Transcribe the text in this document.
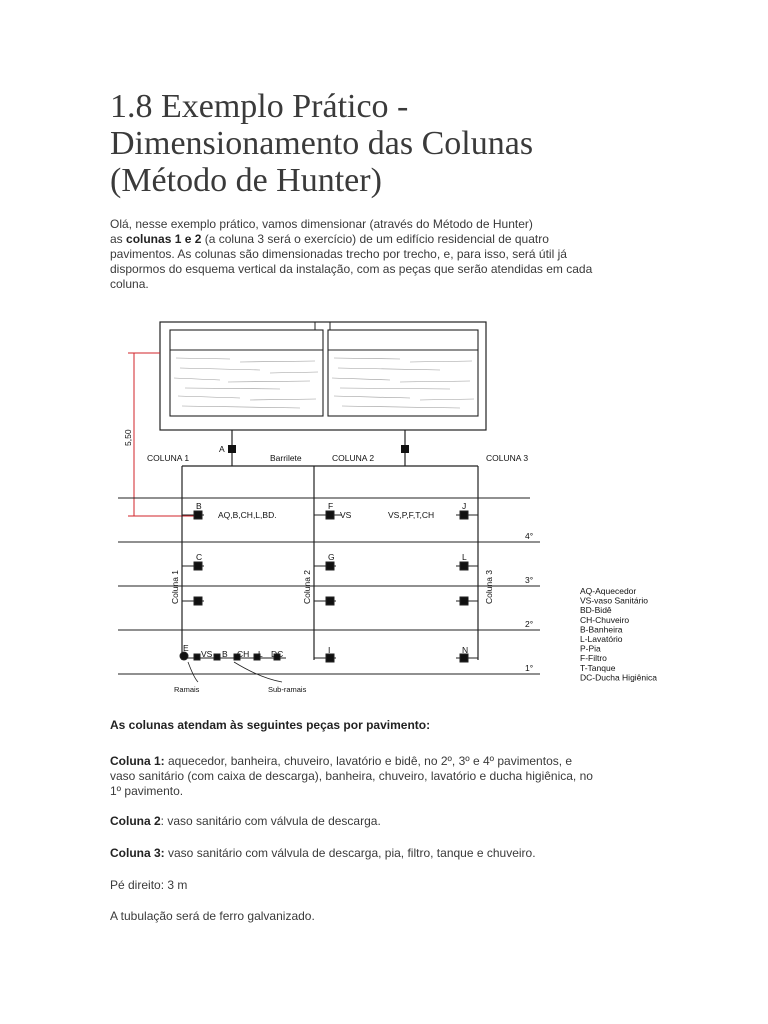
1.8 Exemplo Prático -
Dimensionamento das Colunas
(Método de Hunter)

Olá, nesse exemplo prático, vamos dimensionar (através do Método de Hunter)
as colunas 1 e 2 (a coluna 3 será o exercício) de um edifício residencial de quatro
pavimentos. As colunas são dimensionadas trecho por trecho, e, para isso, será útil já
dispormos do esquema vertical da instalação, com as peças que serão atendidas em cada
coluna.

5,50
A
COLUNA 1	Barrilete	COLUNA 2	COLUNA 3
4°
3°
2°
1°
Coluna 1	Coluna 2	Coluna 3
B
AQ,B,CH,L,BD.
C
D
E
VS B CH L DC
F
VS
G
H
I
J
VS,P,F,T,CH
L
M
N
Ramais	Sub-ramais
AQ-Aquecedor
VS-vaso Sanitário
BD-Bidê
CH-Chuveiro
B-Banheira
L-Lavatório
P-Pia
F-Filtro
T-Tanque
DC-Ducha Higiênica

As colunas atendam às seguintes peças por pavimento:

Coluna 1: aquecedor, banheira, chuveiro, lavatório e bidê, no 2º, 3º e 4º pavimentos, e
vaso sanitário (com caixa de descarga), banheira, chuveiro, lavatório e ducha higiênica, no
1º pavimento.

Coluna 2: vaso sanitário com válvula de descarga.

Coluna 3: vaso sanitário com válvula de descarga, pia, filtro, tanque e chuveiro.

Pé direito: 3 m

A tubulação será de ferro galvanizado.
